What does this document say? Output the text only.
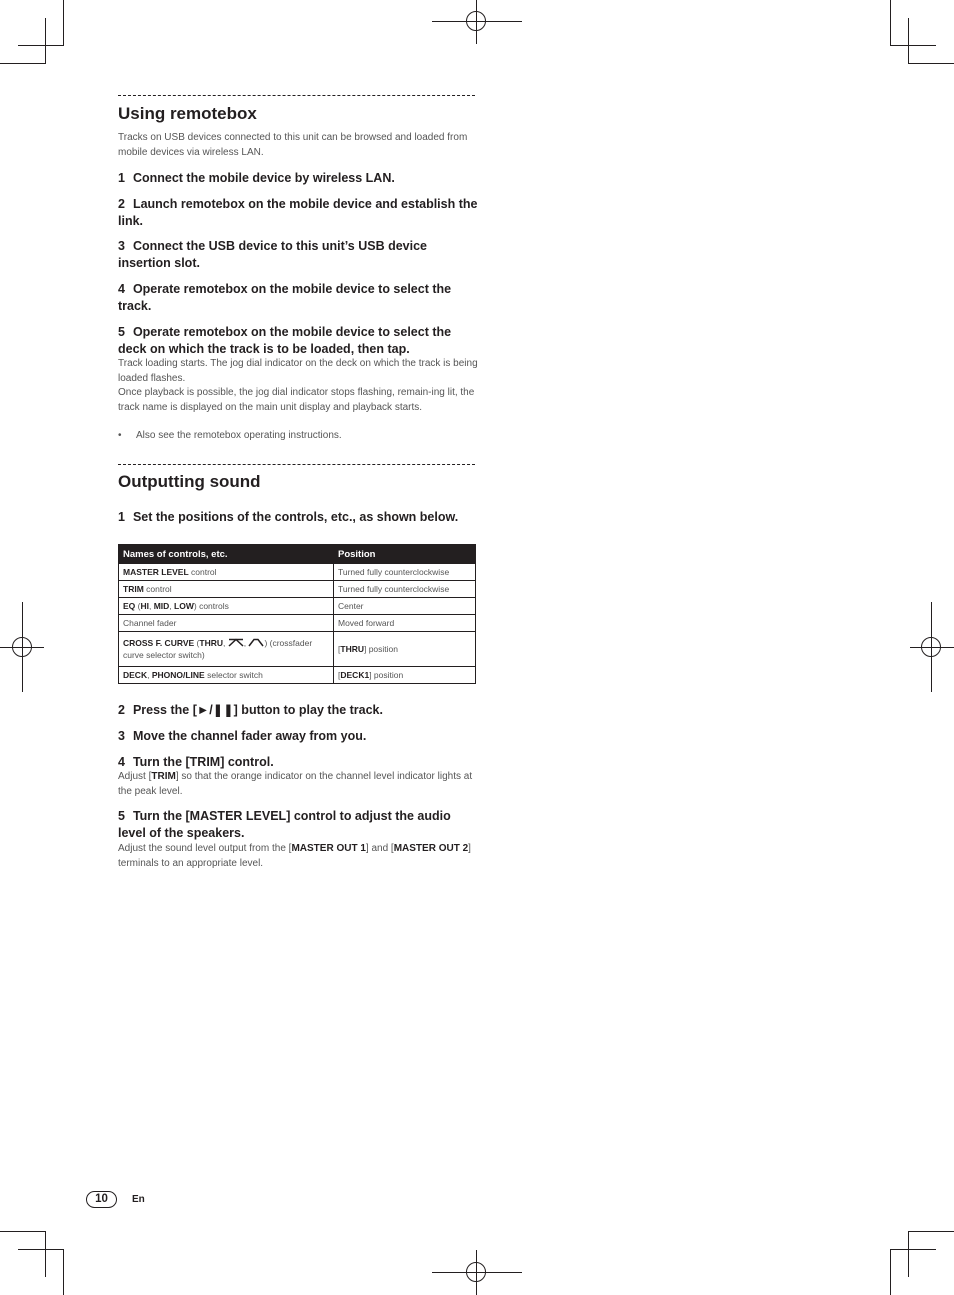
Using remotebox

Tracks on USB devices connected to this unit can be browsed and loaded from mobile devices via wireless LAN.

1 Connect the mobile device by wireless LAN.

2 Launch remotebox on the mobile device and establish the link.

3 Connect the USB device to this unit’s USB device insertion slot.

4 Operate remotebox on the mobile device to select the track.

5 Operate remotebox on the mobile device to select the deck on which the track is to be loaded, then tap.

Track loading starts. The jog dial indicator on the deck on which the track is being loaded flashes.

Once playback is possible, the jog dial indicator stops flashing, remain-ing lit, the track name is displayed on the main unit display and playback starts.

• Also see the remotebox operating instructions.

Outputting sound

1 Set the positions of the controls, etc., as shown below.

Names of controls, etc.	Position
MASTER LEVEL control	Turned fully counterclockwise
TRIM control	Turned fully counterclockwise
EQ (HI, MID, LOW) controls	Center
Channel fader	Moved forward
CROSS F. CURVE (THRU, , ) (crossfader curve selector switch)	[THRU] position
DECK, PHONO/LINE selector switch	[DECK1] position

2 Press the [►/❚❚] button to play the track.

3 Move the channel fader away from you.

4 Turn the [TRIM] control.

Adjust [TRIM] so that the orange indicator on the channel level indicator lights at the peak level.

5 Turn the [MASTER LEVEL] control to adjust the audio level of the speakers.

Adjust the sound level output from the [MASTER OUT 1] and [MASTER OUT 2] terminals to an appropriate level.

10	En
